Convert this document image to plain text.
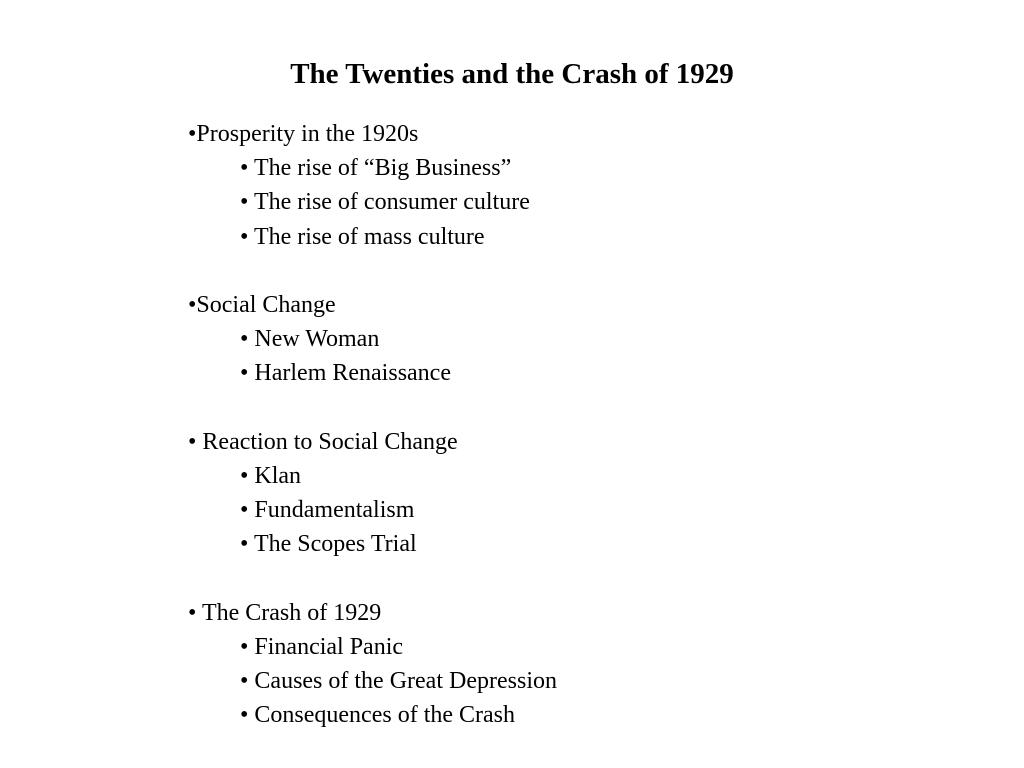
The Twenties and the Crash of 1929
•Prosperity in the 1920s
• The rise of “Big Business”
• The rise of consumer culture
• The rise of mass culture
•Social Change
• New Woman
• Harlem Renaissance
• Reaction to Social Change
• Klan
• Fundamentalism
• The Scopes Trial
• The Crash of 1929
• Financial Panic
• Causes of the Great Depression
• Consequences of the Crash
